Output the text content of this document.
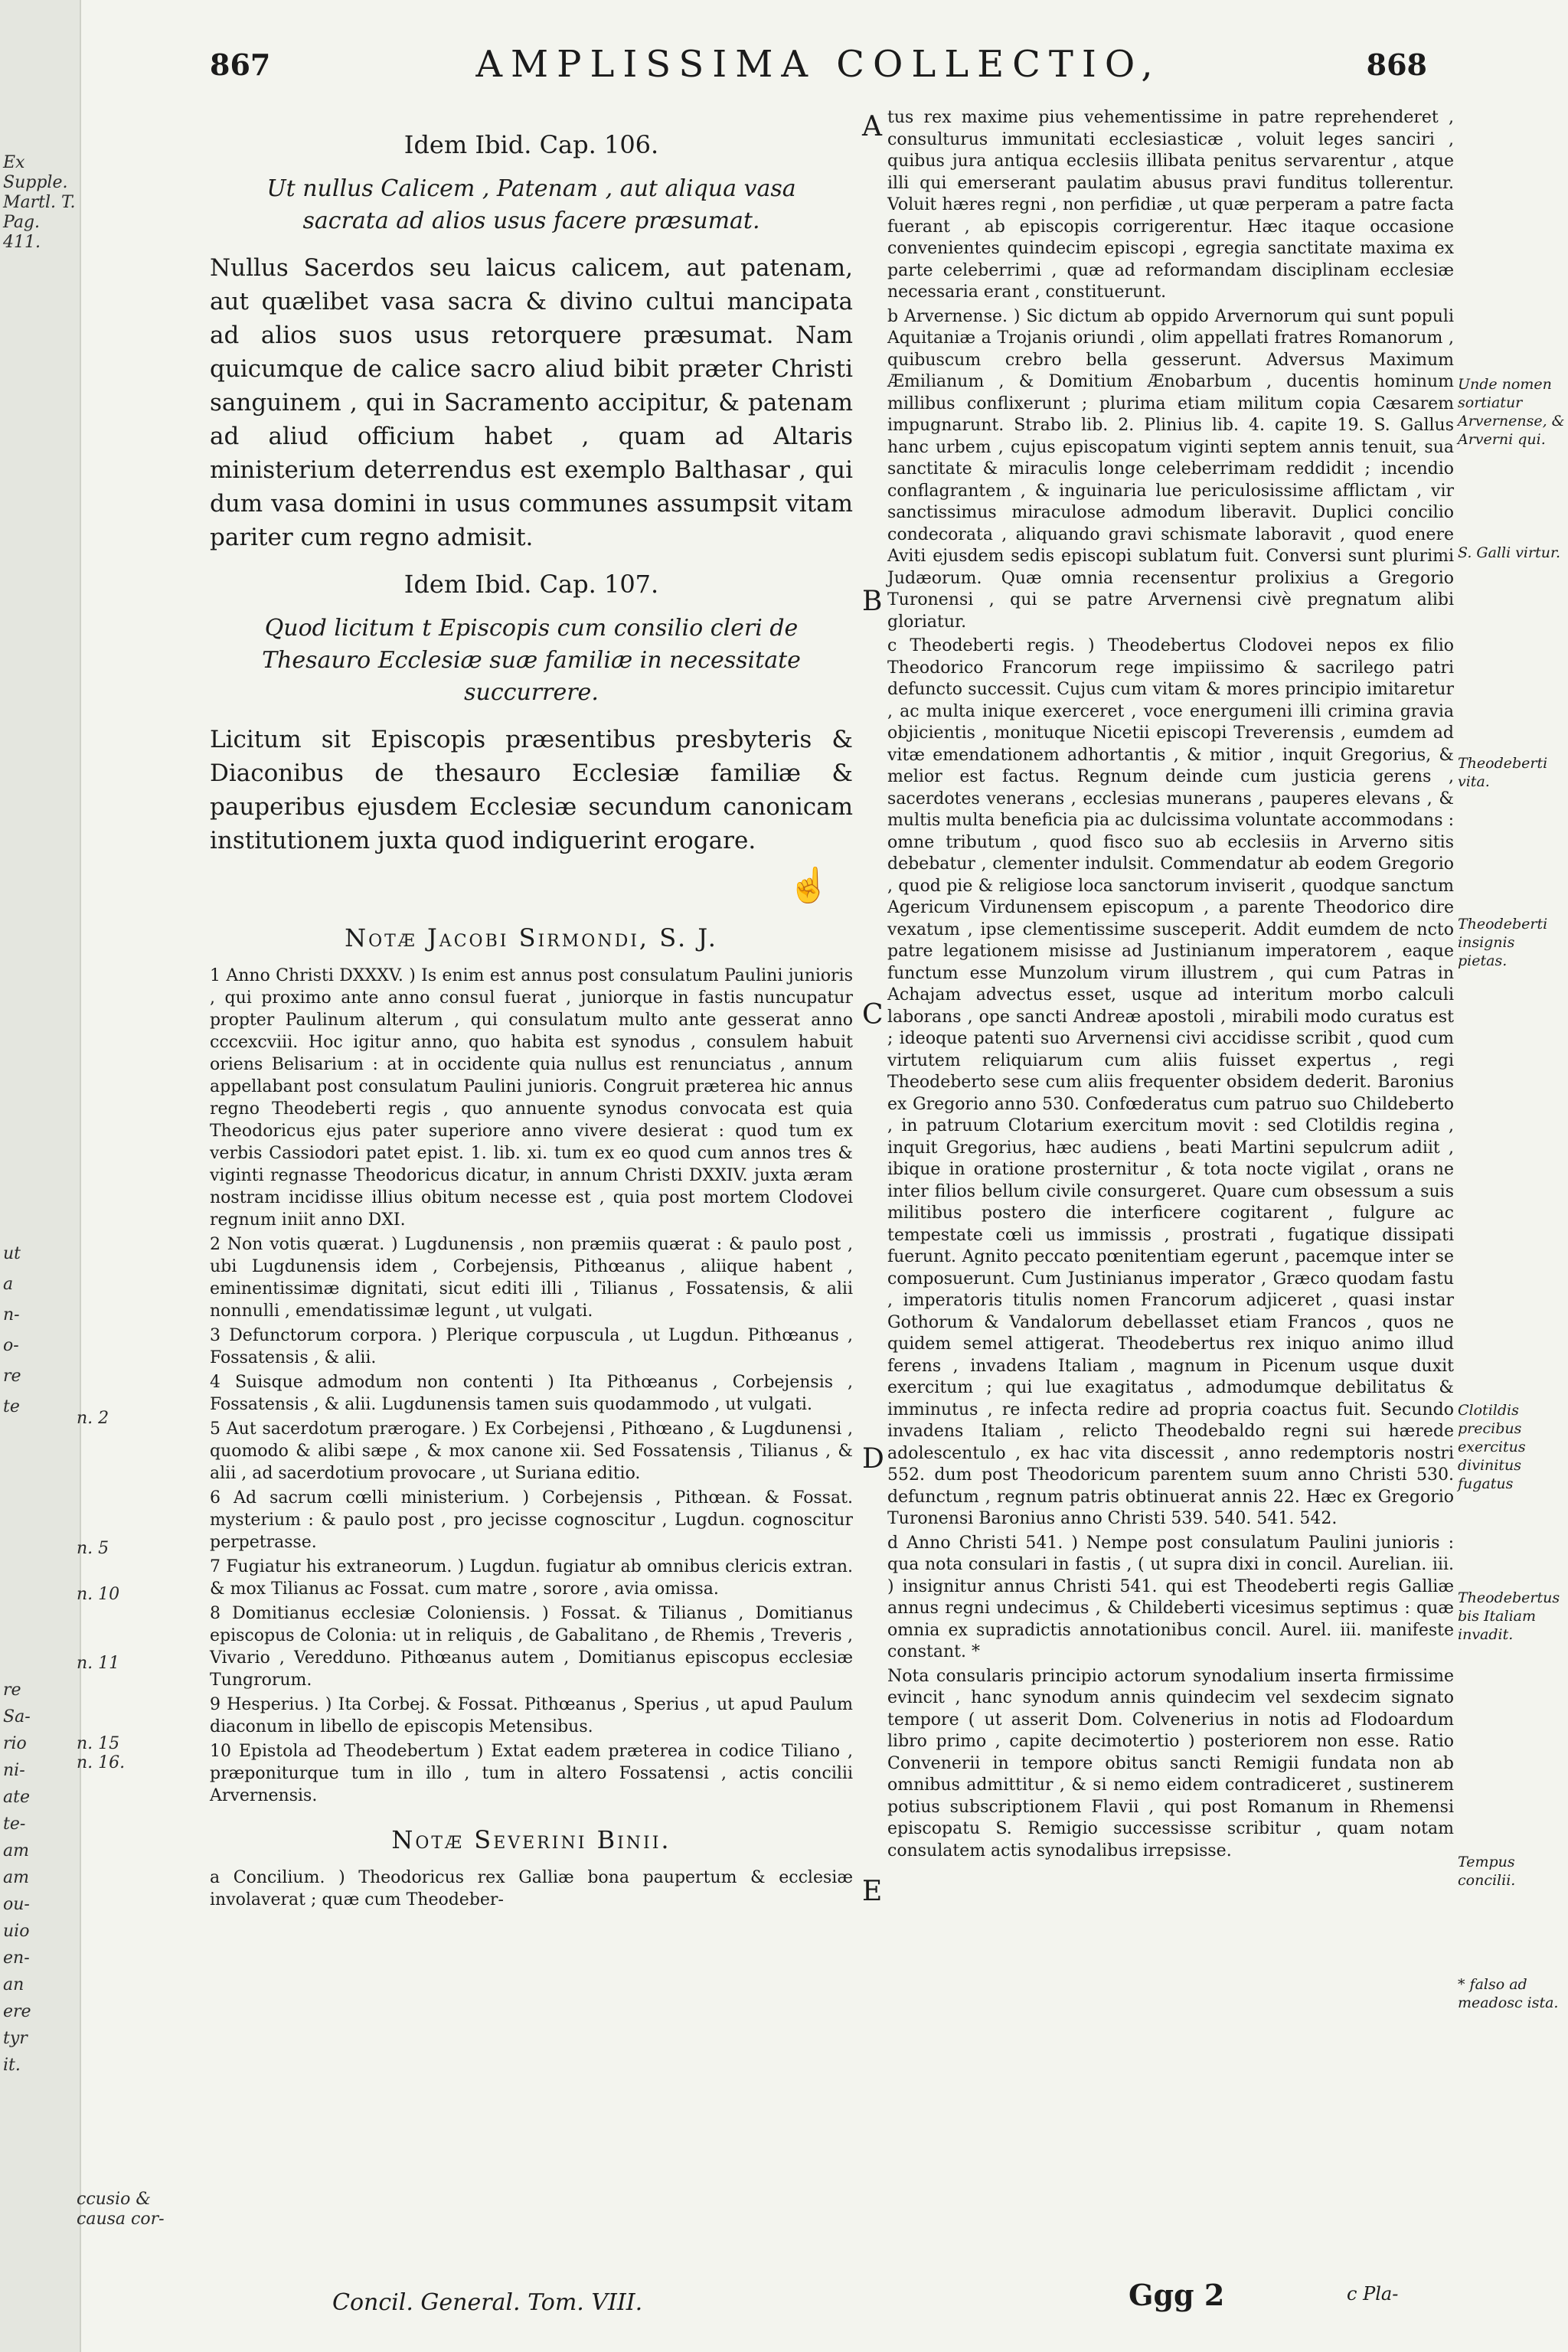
Ex Supple. Martl. T. Pag. 411.
ut
a
n-
o-
re
te
n. 2
n. 5
n. 10
n. 11
n. 15
n. 16.
re
Sa-
rio
ni-
ate
te-
am
am
ou-
uio
en-
an
ere
tyr
it.
ccusio & causa cor-
867	AMPLISSIMA COLLECTIO,	868
Idem Ibid. Cap. 106.
Ut nullus Calicem , Patenam , aut aliqua vasa sacrata ad alios usus facere præsumat.

Nullus Sacerdos seu laicus calicem, aut patenam, aut quælibet vasa sacra & divino cultui mancipata ad alios suos usus retorquere præsumat. Nam quicumque de calice sacro aliud bibit præter Christi sanguinem , qui in Sacramento accipitur, & patenam ad aliud officium habet , quam ad Altaris ministerium deterrendus est exemplo Balthasar , qui dum vasa domini in usus communes assumpsit vitam pariter cum regno admisit.

Idem Ibid. Cap. 107.
Quod licitum t Episcopis cum consilio cleri de Thesauro Ecclesiæ suæ familiæ in necessitate succurrere.

Licitum sit Episcopis præsentibus presbyteris & Diaconibus de thesauro Ecclesiæ familiæ & pauperibus ejusdem Ecclesiæ secundum canonicam institutionem juxta quod indiguerint erogare.

☝
Notæ Jacobi Sirmondi, S. J.

1 Anno Christi DXXXV. ) Is enim est annus post consulatum Paulini junioris , qui proximo ante anno consul fuerat , juniorque in fastis nuncupatur propter Paulinum alterum , qui consulatum multo ante gesserat anno cccexcviii. Hoc igitur anno, quo habita est synodus , consulem habuit oriens Belisarium : at in occidente quia nullus est renunciatus , annum appellabant post consulatum Paulini junioris. Congruit præterea hic annus regno Theodeberti regis , quo annuente synodus convocata est quia Theodoricus ejus pater superiore anno vivere desierat : quod tum ex verbis Cassiodori patet epist. 1. lib. xi. tum ex eo quod cum annos tres & viginti regnasse Theodoricus dicatur, in annum Christi DXXIV. juxta æram nostram incidisse illius obitum necesse est , quia post mortem Clodovei regnum iniit anno DXI.

2 Non votis quærat. ) Lugdunensis , non præmiis quærat : & paulo post , ubi Lugdunensis idem , Corbejensis, Pithœanus , aliique habent , eminentissimæ dignitati, sicut editi illi , Tilianus , Fossatensis, & alii nonnulli , emendatissimæ legunt , ut vulgati.

3 Defunctorum corpora. ) Plerique corpuscula , ut Lugdun. Pithœanus , Fossatensis , & alii.

4 Suisque admodum non contenti ) Ita Pithœanus , Corbejensis , Fossatensis , & alii. Lugdunensis tamen suis quodammodo , ut vulgati.

5 Aut sacerdotum prærogare. ) Ex Corbejensi , Pithœano , & Lugdunensi , quomodo & alibi sæpe , & mox canone xii. Sed Fossatensis , Tilianus , & alii , ad sacerdotium provocare , ut Suriana editio.

6 Ad sacrum cœlli ministerium. ) Corbejensis , Pithœan. & Fossat. mysterium : & paulo post , pro jecisse cognoscitur , Lugdun. cognoscitur perpetrasse.

7 Fugiatur his extraneorum. ) Lugdun. fugiatur ab omnibus clericis extran. & mox Tilianus ac Fossat. cum matre , sorore , avia omissa.

8 Domitianus ecclesiæ Coloniensis. ) Fossat. & Tilianus , Domitianus episcopus de Colonia: ut in reliquis , de Gabalitano , de Rhemis , Treveris , Vivario , Veredduno. Pithœanus autem , Domitianus episcopus ecclesiæ Tungrorum.

9 Hesperius. ) Ita Corbej. & Fossat. Pithœanus , Sperius , ut apud Paulum diaconum in libello de episcopis Metensibus.

10 Epistola ad Theodebertum ) Extat eadem præterea in codice Tiliano , præponiturque tum in illo , tum in altero Fossatensi , actis concilii Arvernensis.

Notæ Severini Binii.

a Concilium. ) Theodoricus rex Galliæ bona paupertum & ecclesiæ involaverat ; quæ cum Theodeber-

A
B
C
D
E

tus rex maxime pius vehementissime in patre reprehenderet , consulturus immunitati ecclesiasticæ , voluit leges sanciri , quibus jura antiqua ecclesiis illibata penitus servarentur , atque illi qui emerserant paulatim abusus pravi funditus tollerentur. Voluit hæres regni , non perfidiæ , ut quæ perperam a patre facta fuerant , ab episcopis corrigerentur. Hæc itaque occasione convenientes quindecim episcopi , egregia sanctitate maxima ex parte celeberrimi , quæ ad reformandam disciplinam ecclesiæ necessaria erant , constituerunt.

b Arvernense. ) Sic dictum ab oppido Arvernorum qui sunt populi Aquitaniæ a Trojanis oriundi , olim appellati fratres Romanorum , quibuscum crebro bella gesserunt. Adversus Maximum Æmilianum , & Domitium Ænobarbum , ducentis hominum millibus conflixerunt ; plurima etiam militum copia Cæsarem impugnarunt. Strabo lib. 2. Plinius lib. 4. capite 19. S. Gallus hanc urbem , cujus episcopatum viginti septem annis tenuit, sua sanctitate & miraculis longe celeberrimam reddidit ; incendio conflagrantem , & inguinaria lue periculosissime afflictam , vir sanctissimus miraculose admodum liberavit. Duplici concilio condecorata , aliquando gravi schismate laboravit , quod enere Aviti ejusdem sedis episcopi sublatum fuit. Conversi sunt plurimi Judæorum. Quæ omnia recensentur prolixius a Gregorio Turonensi , qui se patre Arvernensi civè pregnatum alibi gloriatur.

c Theodeberti regis. ) Theodebertus Clodovei nepos ex filio Theodorico Francorum rege impiissimo & sacrilego patri defuncto successit. Cujus cum vitam & mores principio imitaretur , ac multa inique exerceret , voce energumeni illi crimina gravia objicientis , monituque Nicetii episcopi Treverensis , eumdem ad vitæ emendationem adhortantis , & mitior , inquit Gregorius, & melior est factus. Regnum deinde cum justicia gerens , sacerdotes venerans , ecclesias munerans , pauperes elevans , & multis multa beneficia pia ac dulcissima voluntate accommodans : omne tributum , quod fisco suo ab ecclesiis in Arverno sitis debebatur , clementer indulsit. Commendatur ab eodem Gregorio , quod pie & religiose loca sanctorum inviserit , quodque sanctum Agericum Virdunensem episcopum , a parente Theodorico dire vexatum , ipse clementissime susceperit. Addit eumdem de ncto patre legationem misisse ad Justinianum imperatorem , eaque functum esse Munzolum virum illustrem , qui cum Patras in Achajam advectus esset, usque ad interitum morbo calculi laborans , ope sancti Andreæ apostoli , mirabili modo curatus est ; ideoque patenti suo Arvernensi civi accidisse scribit , quod cum virtutem reliquiarum cum aliis fuisset expertus , regi Theodeberto sese cum aliis frequenter obsidem dederit. Baronius ex Gregorio anno 530. Confœderatus cum patruo suo Childeberto , in patruum Clotarium exercitum movit : sed Clotildis regina , inquit Gregorius, hæc audiens , beati Martini sepulcrum adiit , ibique in oratione prosternitur , & tota nocte vigilat , orans ne inter filios bellum civile consurgeret. Quare cum obsessum a suis militibus postero die interficere cogitarent , fulgure ac tempestate cœli us immissis , prostrati , fugatique dissipati fuerunt. Agnito peccato pœnitentiam egerunt , pacemque inter se composuerunt. Cum Justinianus imperator , Græco quodam fastu , imperatoris titulis nomen Francorum adjiceret , quasi instar Gothorum & Vandalorum debellasset etiam Francos , quos ne quidem semel attigerat. Theodebertus rex iniquo animo illud ferens , invadens Italiam , magnum in Picenum usque duxit exercitum ; qui lue exagitatus , admodumque debilitatus & imminutus , re infecta redire ad propria coactus fuit. Secundo invadens Italiam , relicto Theodebaldo regni sui hærede adolescentulo , ex hac vita discessit , anno redemptoris nostri 552. dum post Theodoricum parentem suum anno Christi 530. defunctum , regnum patris obtinuerat annis 22. Hæc ex Gregorio Turonensi Baronius anno Christi 539. 540. 541. 542.

d Anno Christi 541. ) Nempe post consulatum Paulini junioris : qua nota consulari in fastis , ( ut supra dixi in concil. Aurelian. iii. ) insignitur annus Christi 541. qui est Theodeberti regis Galliæ annus regni undecimus , & Childeberti vicesimus septimus : quæ omnia ex supradictis annotationibus concil. Aurel. iii. manifeste constant. *

Nota consularis principio actorum synodalium inserta firmissime evincit , hanc synodum annis quindecim vel sexdecim signato tempore ( ut asserit Dom. Colvenerius in notis ad Flodoardum libro primo , capite decimotertio ) posteriorem non esse. Ratio Convenerii in tempore obitus sancti Remigii fundata non ab omnibus admittitur , & si nemo eidem contradiceret , sustinerem potius subscriptionem Flavii , qui post Romanum in Rhemensi episcopatu S. Remigio successisse scribitur , quam notam consulatem actis synodalibus irrepsisse.

Unde nomen sortiatur Arvernense, & Arverni qui.
S. Galli virtur.
Theodeberti vita.
Theodeberti insignis pietas.
Clotildis precibus exercitus divinitus fugatus
Theodebertus bis Italiam invadit.
Tempus concilii.
* falso ad meadosc ista.
Concil. General. Tom. VIII.	Ggg 2	c Pla-
